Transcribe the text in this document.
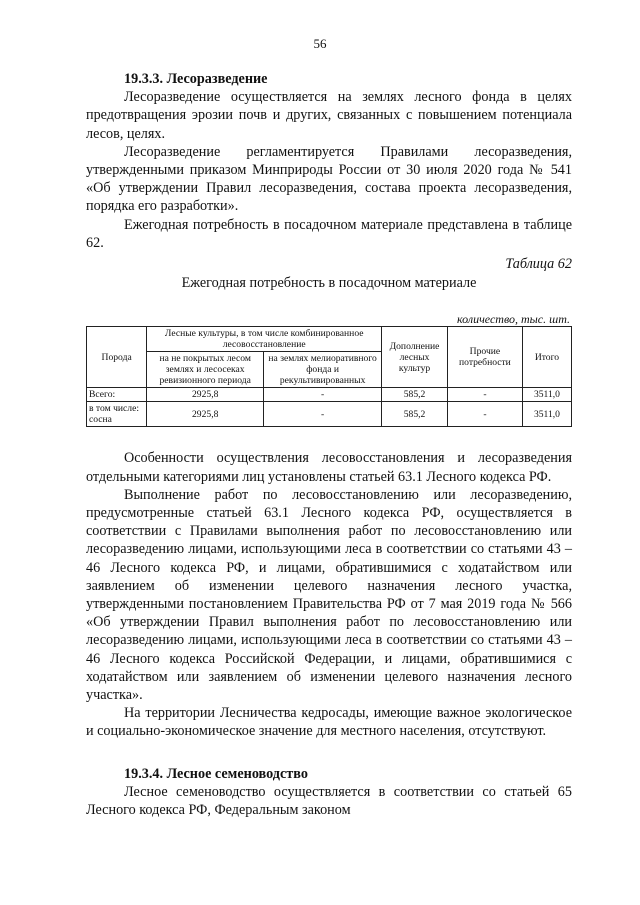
56
19.3.3. Лесоразведение

Лесоразведение осуществляется на землях лесного фонда в целях предотвращения эрозии почв и других, связанных с повышением потенциала лесов, целях.

Лесоразведение регламентируется Правилами лесоразведения, утвержденными приказом Минприроды России от 30 июля 2020 года № 541 «Об утверждении Правил лесоразведения, состава проекта лесоразведения, порядка его разработки».

Ежегодная потребность в посадочном материале представлена в таблице 62.

Таблица 62
Ежегодная потребность в посадочном материале
количество, тыс. шт.
Порода	Лесные культуры, в том числе комбинированное лесовосстановление		Дополнение лесных культур	Прочие потребности	Итого
	на не покрытых лесом землях и лесосеках ревизионного периода	на землях мелиоративного фонда и рекультивированных			
Всего:	2925,8	-	585,2	-	3511,0
в том числе: сосна	2925,8	-	585,2	-	3511,0

Особенности осуществления лесовосстановления и лесоразведения отдельными категориями лиц установлены статьей 63.1 Лесного кодекса РФ.

Выполнение работ по лесовосстановлению или лесоразведению, предусмотренные статьей 63.1 Лесного кодекса РФ, осуществляется в соответствии с Правилами выполнения работ по лесовосстановлению или лесоразведению лицами, использующими леса в соответствии со статьями 43 – 46 Лесного кодекса РФ, и лицами, обратившимися с ходатайством или заявлением об изменении целевого назначения лесного участка, утвержденными постановлением Правительства РФ от 7 мая 2019 года № 566 «Об утверждении Правил выполнения работ по лесовосстановлению или лесоразведению лицами, использующими леса в соответствии со статьями 43 – 46 Лесного кодекса Российской Федерации, и лицами, обратившимися с ходатайством или заявлением об изменении целевого назначения лесного участка».

На территории Лесничества кедросады, имеющие важное экологическое и социально-экономическое значение для местного населения, отсутствуют.

19.3.4. Лесное семеноводство

Лесное семеноводство осуществляется в соответствии со статьей 65 Лесного кодекса РФ, Федеральным законом
